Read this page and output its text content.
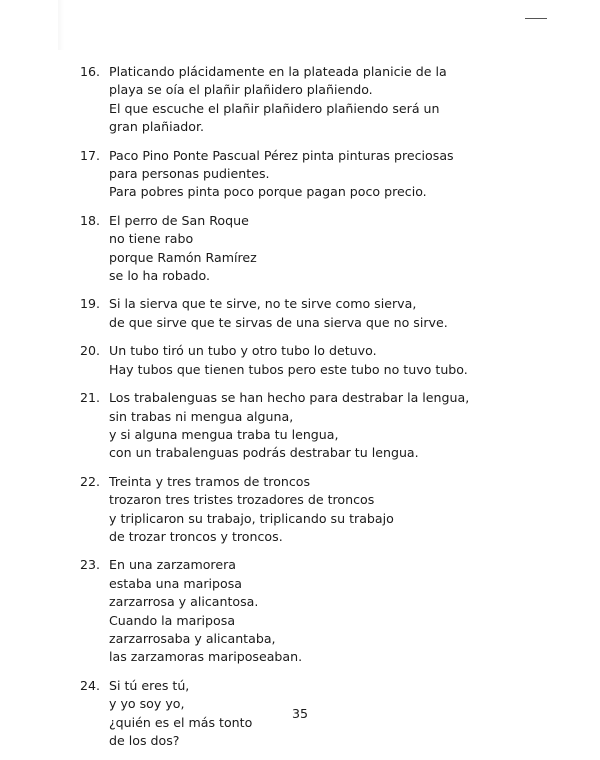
16. Platicando plácidamente en la plateada planicie de la
playa se oía el plañir plañidero plañiendo.
El que escuche el plañir plañidero plañiendo será un
gran plañiador.
17. Paco Pino Ponte Pascual Pérez pinta pinturas preciosas
para personas pudientes.
Para pobres pinta poco porque pagan poco precio.
18. El perro de San Roque
no tiene rabo
porque Ramón Ramírez
se lo ha robado.
19. Si la sierva que te sirve, no te sirve como sierva,
de que sirve que te sirvas de una sierva que no sirve.
20. Un tubo tiró un tubo y otro tubo lo detuvo.
Hay tubos que tienen tubos pero este tubo no tuvo tubo.
21. Los trabalenguas se han hecho para destrabar la lengua,
sin trabas ni mengua alguna,
y si alguna mengua traba tu lengua,
con un trabalenguas podrás destrabar tu lengua.
22. Treinta y tres tramos de troncos
trozaron tres tristes trozadores de troncos
y triplicaron su trabajo, triplicando su trabajo
de trozar troncos y troncos.
23. En una zarzamorera
estaba una mariposa
zarzarrosa y alicantosa.
Cuando la mariposa
zarzarrosaba y alicantaba,
las zarzamoras mariposeaban.
24. Si tú eres tú,
y yo soy yo,
¿quién es el más tonto
de los dos?
35
